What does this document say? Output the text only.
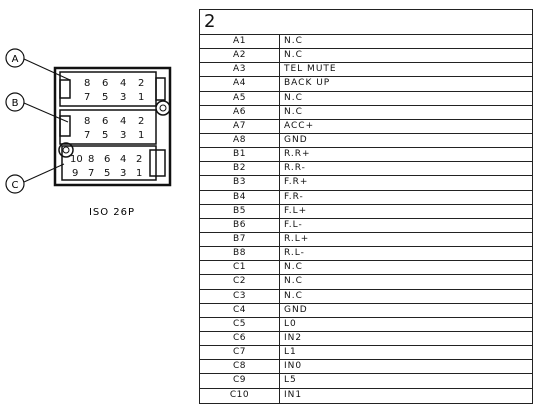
8 6 4 2
7 5 3 1
8 6 4 2
7 5 3 1
10 8 6 4 2
9 7 5 3 1
A
B
C
ISO 26P
2
A1	N.C
A2	N.C
A3	TEL MUTE
A4	BACK UP
A5	N.C
A6	N.C
A7	ACC+
A8	GND
B1	R.R+
B2	R.R-
B3	F.R+
B4	F.R-
B5	F.L+
B6	F.L-
B7	R.L+
B8	R.L-
C1	N.C
C2	N.C
C3	N.C
C4	GND
C5	L0
C6	IN2
C7	L1
C8	IN0
C9	L5
C10	IN1
